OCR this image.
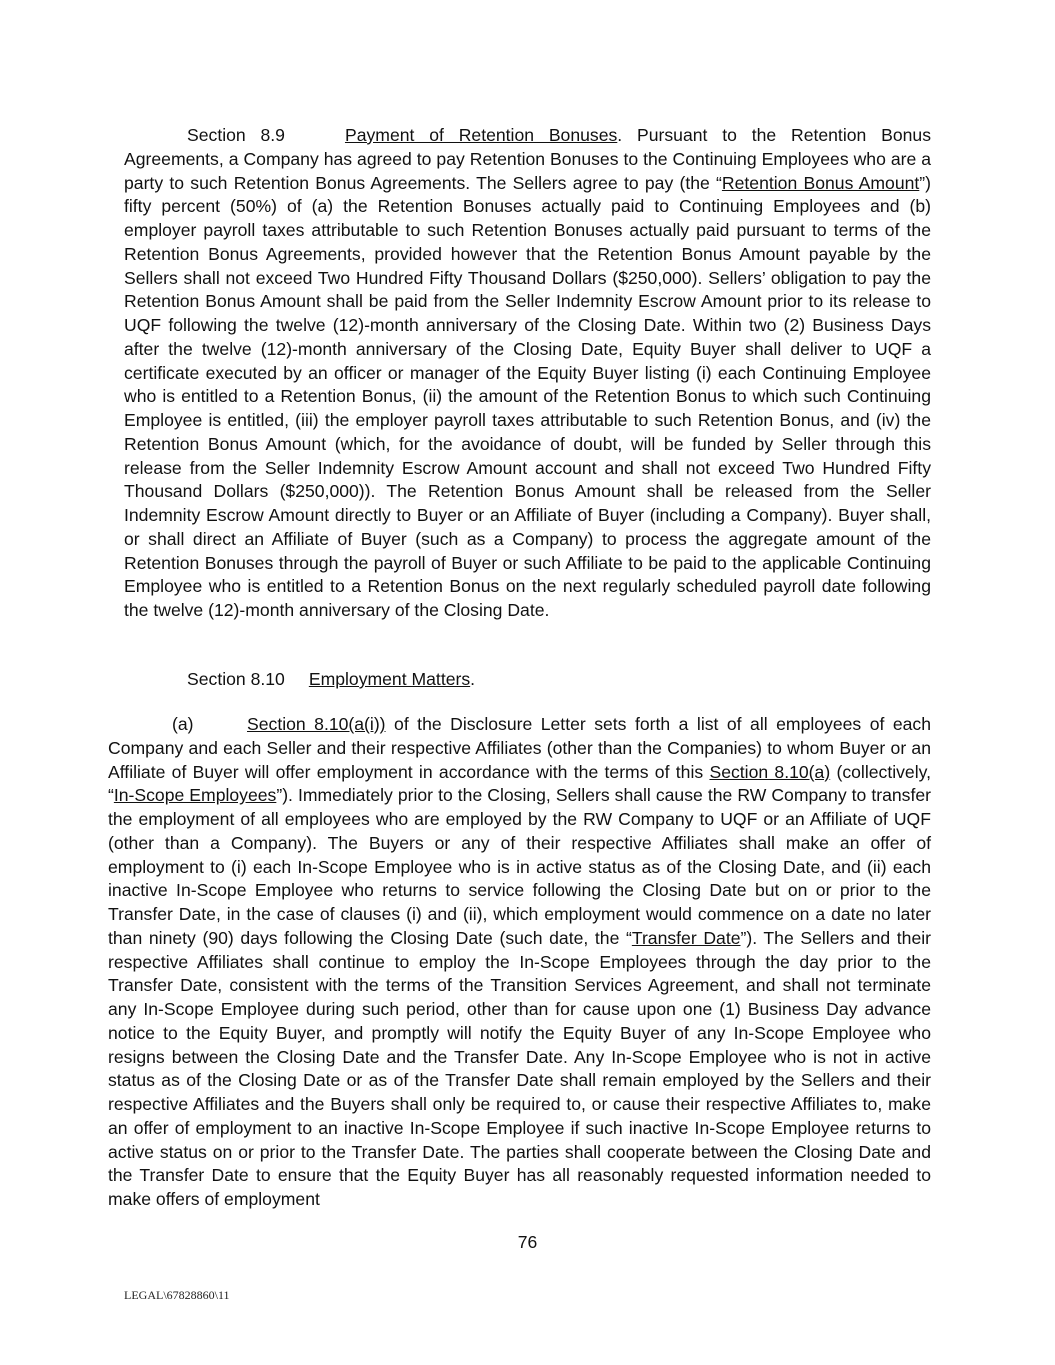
Section 8.9	Payment of Retention Bonuses. Pursuant to the Retention Bonus Agreements, a Company has agreed to pay Retention Bonuses to the Continuing Employees who are a party to such Retention Bonus Agreements. The Sellers agree to pay (the “Retention Bonus Amount”) fifty percent (50%) of (a) the Retention Bonuses actually paid to Continuing Employees and (b) employer payroll taxes attributable to such Retention Bonuses actually paid pursuant to terms of the Retention Bonus Agreements, provided however that the Retention Bonus Amount payable by the Sellers shall not exceed Two Hundred Fifty Thousand Dollars ($250,000). Sellers’ obligation to pay the Retention Bonus Amount shall be paid from the Seller Indemnity Escrow Amount prior to its release to UQF following the twelve (12)-month anniversary of the Closing Date. Within two (2) Business Days after the twelve (12)-month anniversary of the Closing Date, Equity Buyer shall deliver to UQF a certificate executed by an officer or manager of the Equity Buyer listing (i) each Continuing Employee who is entitled to a Retention Bonus, (ii) the amount of the Retention Bonus to which such Continuing Employee is entitled, (iii) the employer payroll taxes attributable to such Retention Bonus, and (iv) the Retention Bonus Amount (which, for the avoidance of doubt, will be funded by Seller through this release from the Seller Indemnity Escrow Amount account and shall not exceed Two Hundred Fifty Thousand Dollars ($250,000)). The Retention Bonus Amount shall be released from the Seller Indemnity Escrow Amount directly to Buyer or an Affiliate of Buyer (including a Company). Buyer shall, or shall direct an Affiliate of Buyer (such as a Company) to process the aggregate amount of the Retention Bonuses through the payroll of Buyer or such Affiliate to be paid to the applicable Continuing Employee who is entitled to a Retention Bonus on the next regularly scheduled payroll date following the twelve (12)-month anniversary of the Closing Date.

Section 8.10 Employment Matters.

(a)	Section 8.10(a(i)) of the Disclosure Letter sets forth a list of all employees of each Company and each Seller and their respective Affiliates (other than the Companies) to whom Buyer or an Affiliate of Buyer will offer employment in accordance with the terms of this Section 8.10(a) (collectively, “In-Scope Employees”). Immediately prior to the Closing, Sellers shall cause the RW Company to transfer the employment of all employees who are employed by the RW Company to UQF or an Affiliate of UQF (other than a Company). The Buyers or any of their respective Affiliates shall make an offer of employment to (i) each In-Scope Employee who is in active status as of the Closing Date, and (ii) each inactive In-Scope Employee who returns to service following the Closing Date but on or prior to the Transfer Date, in the case of clauses (i) and (ii), which employment would commence on a date no later than ninety (90) days following the Closing Date (such date, the “Transfer Date”). The Sellers and their respective Affiliates shall continue to employ the In-Scope Employees through the day prior to the Transfer Date, consistent with the terms of the Transition Services Agreement, and shall not terminate any In-Scope Employee during such period, other than for cause upon one (1) Business Day advance notice to the Equity Buyer, and promptly will notify the Equity Buyer of any In-Scope Employee who resigns between the Closing Date and the Transfer Date. Any In-Scope Employee who is not in active status as of the Closing Date or as of the Transfer Date shall remain employed by the Sellers and their respective Affiliates and the Buyers shall only be required to, or cause their respective Affiliates to, make an offer of employment to an inactive In-Scope Employee if such inactive In-Scope Employee returns to active status on or prior to the Transfer Date. The parties shall cooperate between the Closing Date and the Transfer Date to ensure that the Equity Buyer has all reasonably requested information needed to make offers of employment

76
LEGAL\67828860\11
